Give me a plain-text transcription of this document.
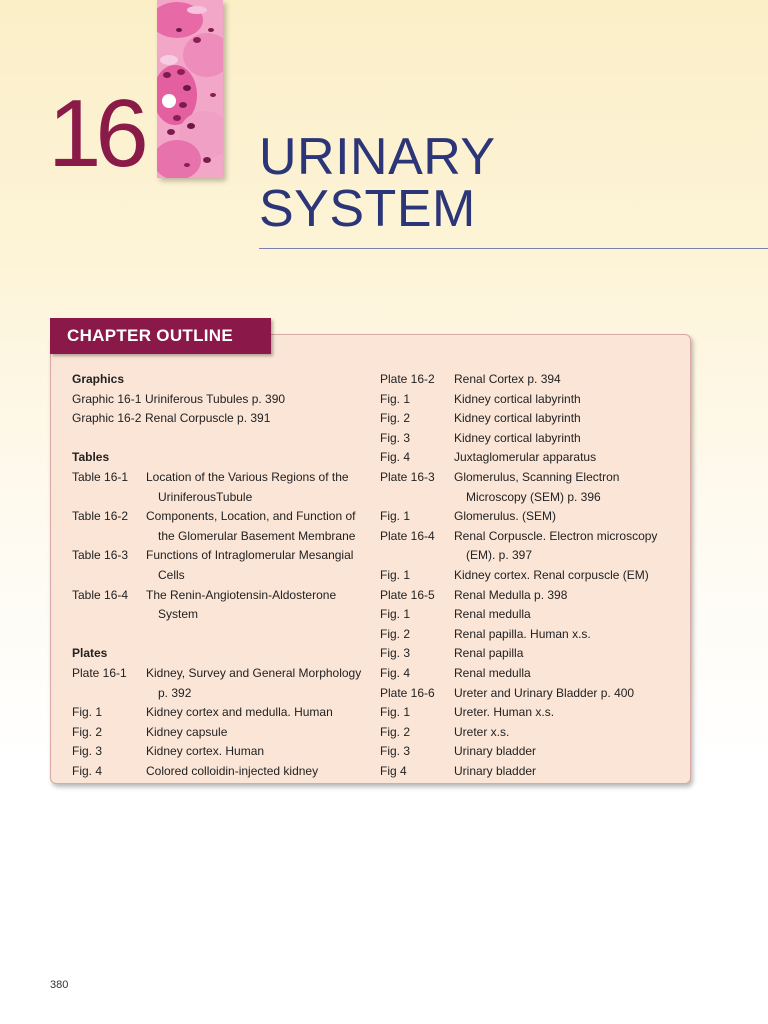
16 URINARY
SYSTEM
CHAPTER OUTLINE
Graphics
Graphic 16-1 Uriniferous Tubules p. 390
Graphic 16-2 Renal Corpuscle p. 391
Tables
Table 16-1	Location of the Various Regions of the UriniferousTubule
Table 16-2	Components, Location, and Function of the Glomerular Basement Membrane
Table 16-3	Functions of Intraglomerular Mesangial Cells
Table 16-4	The Renin-Angiotensin-Aldosterone System
Plates
Plate 16-1	Kidney, Survey and General Morphology p. 392
Fig. 1	Kidney cortex and medulla. Human
Fig. 2	Kidney capsule
Fig. 3	Kidney cortex. Human
Fig. 4	Colored colloidin-injected kidney
Plate 16-2	Renal Cortex p. 394
Fig. 1	Kidney cortical labyrinth
Fig. 2	Kidney cortical labyrinth
Fig. 3	Kidney cortical labyrinth
Fig. 4	Juxtaglomerular apparatus
Plate 16-3	Glomerulus, Scanning Electron Microscopy (SEM) p. 396
Fig. 1	Glomerulus. (SEM)
Plate 16-4	Renal Corpuscle. Electron microscopy (EM). p. 397
Fig. 1	Kidney cortex. Renal corpuscle (EM)
Plate 16-5	Renal Medulla p. 398
Fig. 1	Renal medulla
Fig. 2	Renal papilla. Human x.s.
Fig. 3	Renal papilla
Fig. 4	Renal medulla
Plate 16-6	Ureter and Urinary Bladder p. 400
Fig. 1	Ureter. Human x.s.
Fig. 2	Ureter x.s.
Fig. 3	Urinary bladder
Fig 4	Urinary bladder
380
